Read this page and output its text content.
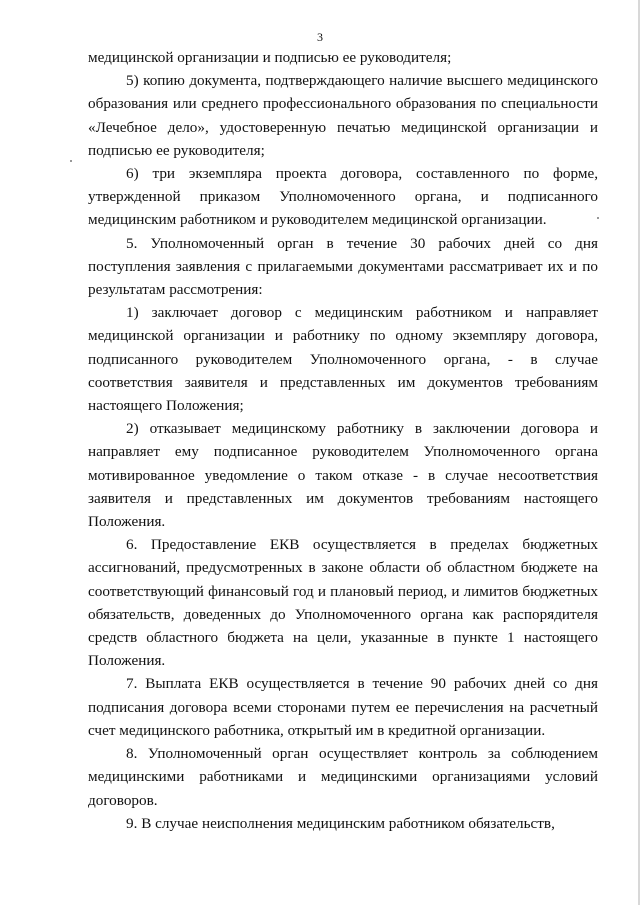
3

медицинской организации и подписью ее руководителя;

5) копию документа, подтверждающего наличие высшего медицинского образования или среднего профессионального образования по специальности «Лечебное дело», удостоверенную печатью медицинской организации и подписью ее руководителя;

6) три экземпляра проекта договора, составленного по форме, утвержденной приказом Уполномоченного органа, и подписанного медицинским работником и руководителем медицинской организации.

5. Уполномоченный орган в течение 30 рабочих дней со дня поступления заявления с прилагаемыми документами рассматривает их и по результатам рассмотрения:

1) заключает договор с медицинским работником и направляет медицинской организации и работнику по одному экземпляру договора, подписанного руководителем Уполномоченного органа, - в случае соответствия заявителя и представленных им документов требованиям настоящего Положения;

2) отказывает медицинскому работнику в заключении договора и направляет ему подписанное руководителем Уполномоченного органа мотивированное уведомление о таком отказе - в случае несоответствия заявителя и представленных им документов требованиям настоящего Положения.

6. Предоставление ЕКВ осуществляется в пределах бюджетных ассигнований, предусмотренных в законе области об областном бюджете на соответствующий финансовый год и плановый период, и лимитов бюджетных обязательств, доведенных до Уполномоченного органа как распорядителя средств областного бюджета на цели, указанные в пункте 1 настоящего Положения.

7. Выплата ЕКВ осуществляется в течение 90 рабочих дней со дня подписания договора всеми сторонами путем ее перечисления на расчетный счет медицинского работника, открытый им в кредитной организации.

8. Уполномоченный орган осуществляет контроль за соблюдением медицинскими работниками и медицинскими организациями условий договоров.

9. В случае неисполнения медицинским работником обязательств,
